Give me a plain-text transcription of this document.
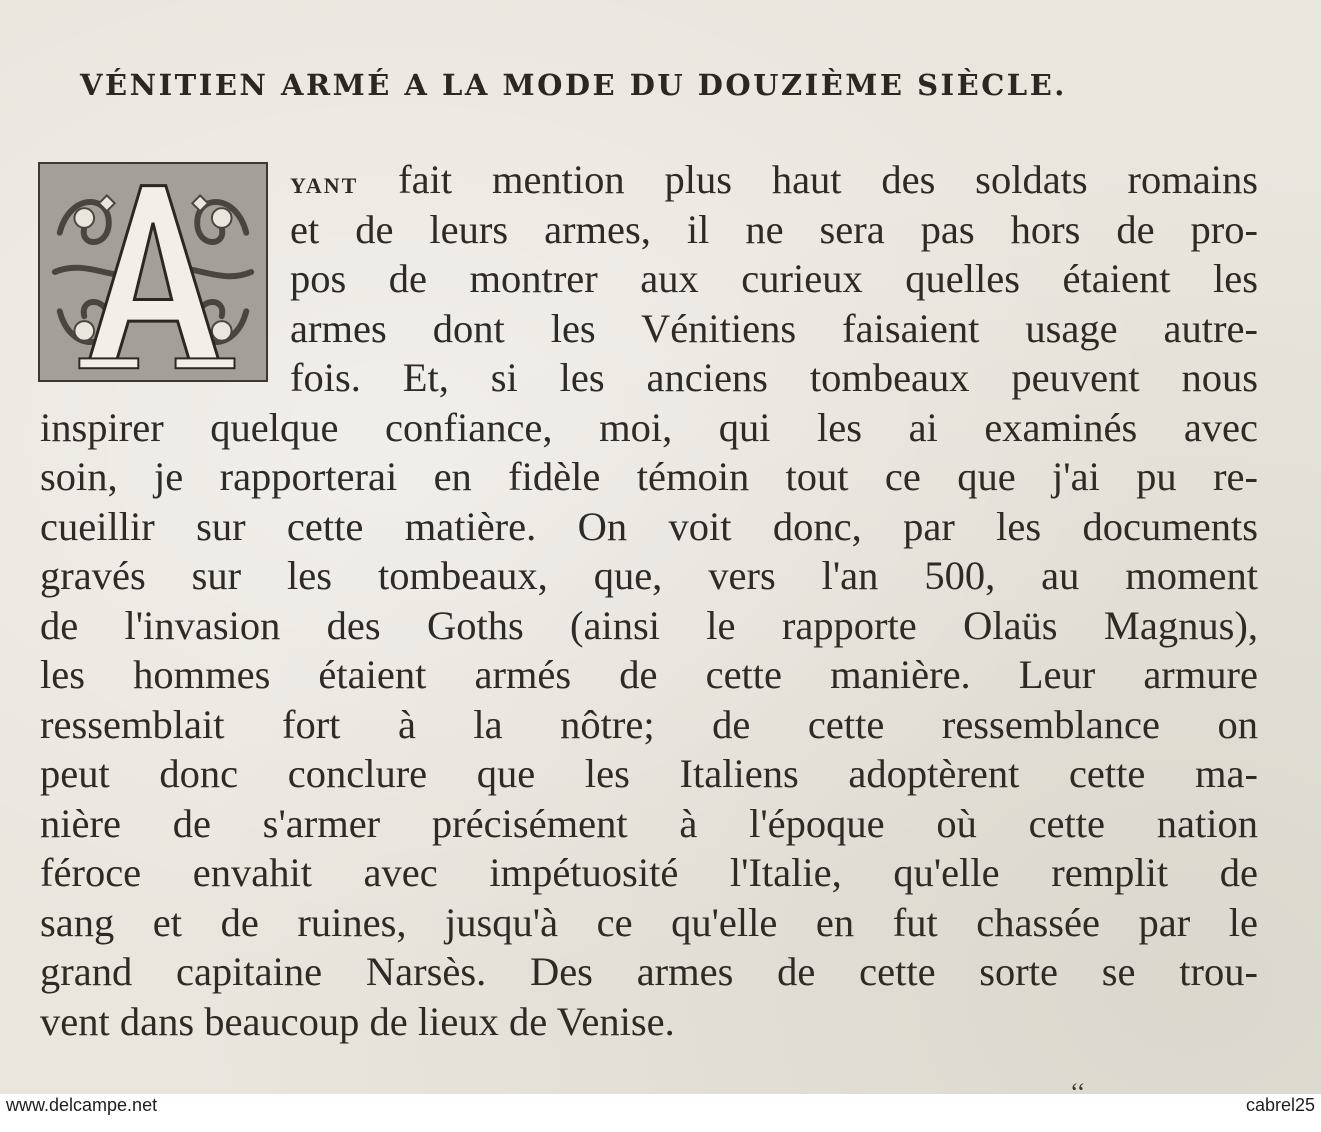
VÉNITIEN ARMÉ A LA MODE DU DOUZIÈME SIÈCLE.
YANT fait mention plus haut des soldats romains
et de leurs armes, il ne sera pas hors de pro-
pos de montrer aux curieux quelles étaient les
armes dont les Vénitiens faisaient usage autre-
fois. Et, si les anciens tombeaux peuvent nous
inspirer quelque confiance, moi, qui les ai examinés avec
soin, je rapporterai en fidèle témoin tout ce que j'ai pu re-
cueillir sur cette matière. On voit donc, par les documents
gravés sur les tombeaux, que, vers l'an 500, au moment
de l'invasion des Goths (ainsi le rapporte Olaüs Magnus),
les hommes étaient armés de cette manière. Leur armure
ressemblait fort à la nôtre; de cette ressemblance on
peut donc conclure que les Italiens adoptèrent cette ma-
nière de s'armer précisément à l'époque où cette nation
féroce envahit avec impétuosité l'Italie, qu'elle remplit de
sang et de ruines, jusqu'à ce qu'elle en fut chassée par le
grand capitaine Narsès. Des armes de cette sorte se trou-
vent dans beaucoup de lieux de Venise.
‘‘
www.delcampe.net	cabrel25
